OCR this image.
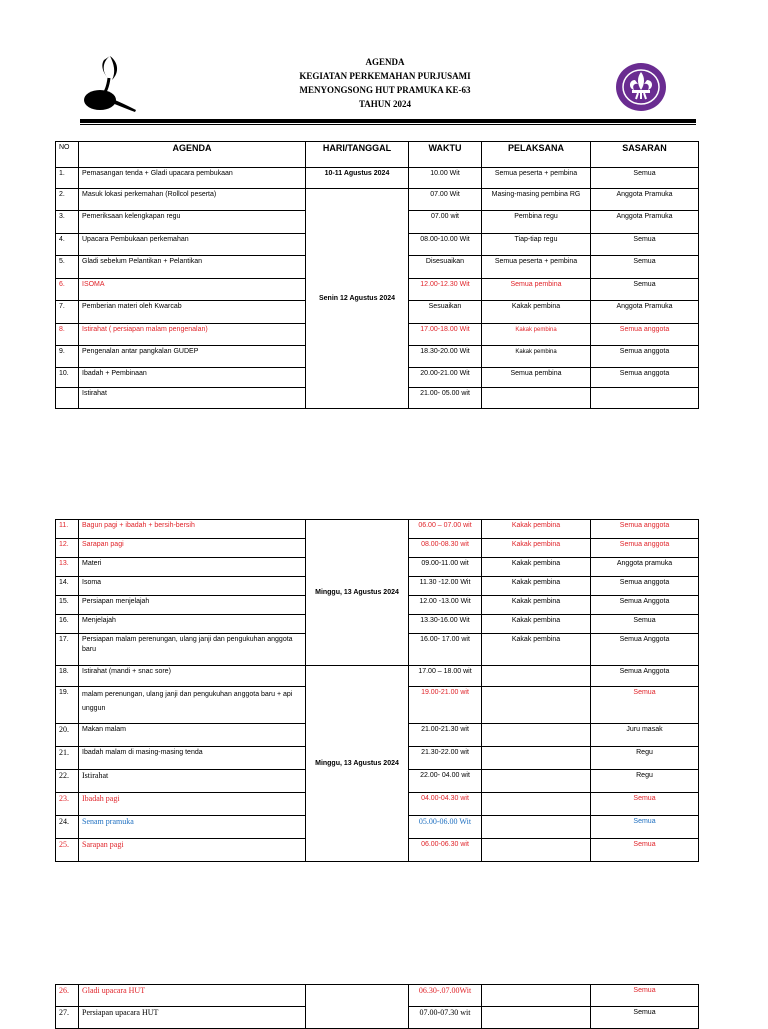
AGENDA
KEGIATAN PERKEMAHAN PURJUSAMI
MENYONGSONG HUT PRAMUKA KE-63
TAHUN 2024
NO	AGENDA	HARI/TANGGAL	WAKTU	PELAKSANA	SASARAN
1.	Pemasangan tenda + Gladi upacara pembukaan	10-11 Agustus 2024	10.00 Wit	Semua peserta + pembina	Semua
2.	Masuk lokasi perkemahan (Rollcol peserta)	Senin 12 Agustus 2024	07.00 Wit	Masing-masing pembina RG	Anggota Pramuka
3.	Pemeriksaan kelengkapan regu		07.00 wit	Pembina regu	Anggota Pramuka
4.	Upacara Pembukaan perkemahan		08.00-10.00 Wit	Tiap-tiap regu	Semua
5.	Gladi sebelum Pelantikan + Pelantikan		Disesuaikan	Semua peserta + pembina	Semua
6.	ISOMA		12.00-12.30 Wit	Semua pembina	Semua
7.	Pemberian materi oleh Kwarcab		Sesuaikan	Kakak pembina	Anggota Pramuka
8.	Istirahat ( persiapan malam pengenalan)		17.00-18.00 Wit	Kakak pembina	Semua anggota
9.	Pengenalan antar pangkalan GUDEP		18.30-20.00 Wit	Kakak pembina	Semua anggota
10.	Ibadah + Pembinaan		20.00-21.00 Wit	Semua pembina	Semua anggota
	Istirahat		21.00- 05.00 wit		
11.	Bagun pagi + ibadah + bersih-bersih	Minggu, 13 Agustus 2024	06.00 – 07.00 wit	Kakak pembina	Semua anggota
12.	Sarapan pagi		08.00-08.30 wit	Kakak pembina	Semua anggota
13.	Materi		09.00-11.00 wit	Kakak pembina	Anggota pramuka
14.	Isoma		11.30 -12.00 Wit	Kakak pembina	Semua anggota
15.	Persiapan menjelajah		12.00 -13.00 Wit	Kakak pembina	Semua Anggota
16.	Menjelajah		13.30-16.00 Wit	Kakak pembina	Semua
17.	Persiapan malam perenungan, ulang janji dan pengukuhan anggota baru		16.00- 17.00 wit	Kakak pembina	Semua Anggota
18.	Istirahat (mandi + snac sore)	Minggu, 13 Agustus 2024	17.00 – 18.00 wit		Semua Anggota
19.	malam perenungan, ulang janji dan pengukuhan anggota baru + api unggun		19.00-21.00 wit		Semua
20.	Makan malam		21.00-21.30 wit		Juru masak
21.	Ibadah malam di masing-masing tenda		21.30-22.00 wit		Regu
22.	Istirahat		22.00- 04.00 wit		Regu
23.	Ibadah pagi		04.00-04.30 wit		Semua
24.	Senam pramuka		05.00-06.00 Wit		Semua
25.	Sarapan pagi		06.00-06.30 wit		Semua
26.	Gladi upacara HUT		06.30-.07.00Wit		Semua
27.	Persiapan upacara HUT		07.00-07.30 wit		Semua
